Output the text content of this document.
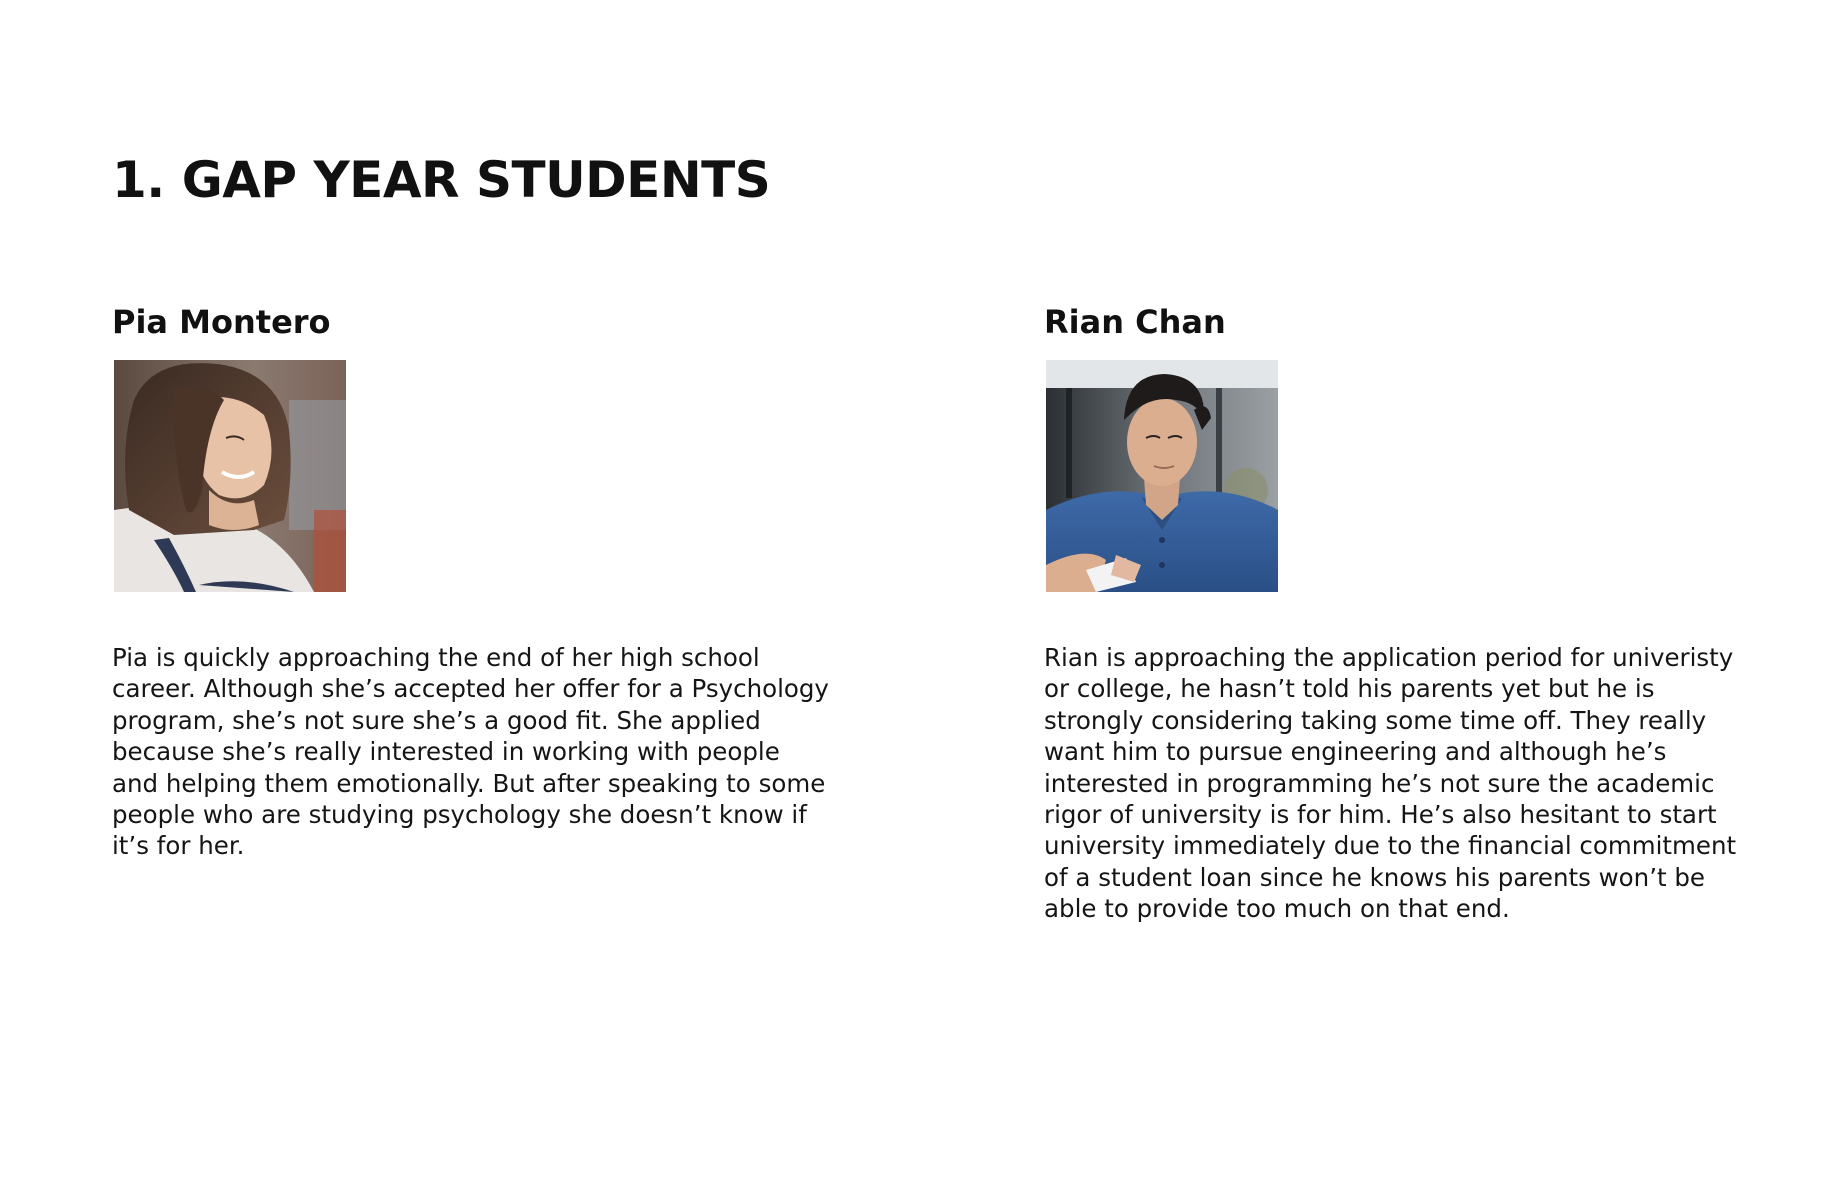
1. GAP YEAR STUDENTS
Pia Montero

Pia is quickly approaching the end of her high school career. Although she’s accepted her offer for a Psychology program, she’s not sure she’s a good fit. She applied because she’s really interested in working with people and helping them emotionally. But after speaking to some people who are studying psychology she doesn’t know if it’s for her.

Rian Chan

Rian is approaching the application period for univeristy or college, he hasn’t told his parents yet but he is strongly considering taking some time off. They really want him to pursue engineering and although he’s interested in programming he’s not sure the academic rigor of university is for him. He’s also hesitant to start university immediately due to the financial commitment of a student loan since he knows his parents won’t be able to provide too much on that end.
